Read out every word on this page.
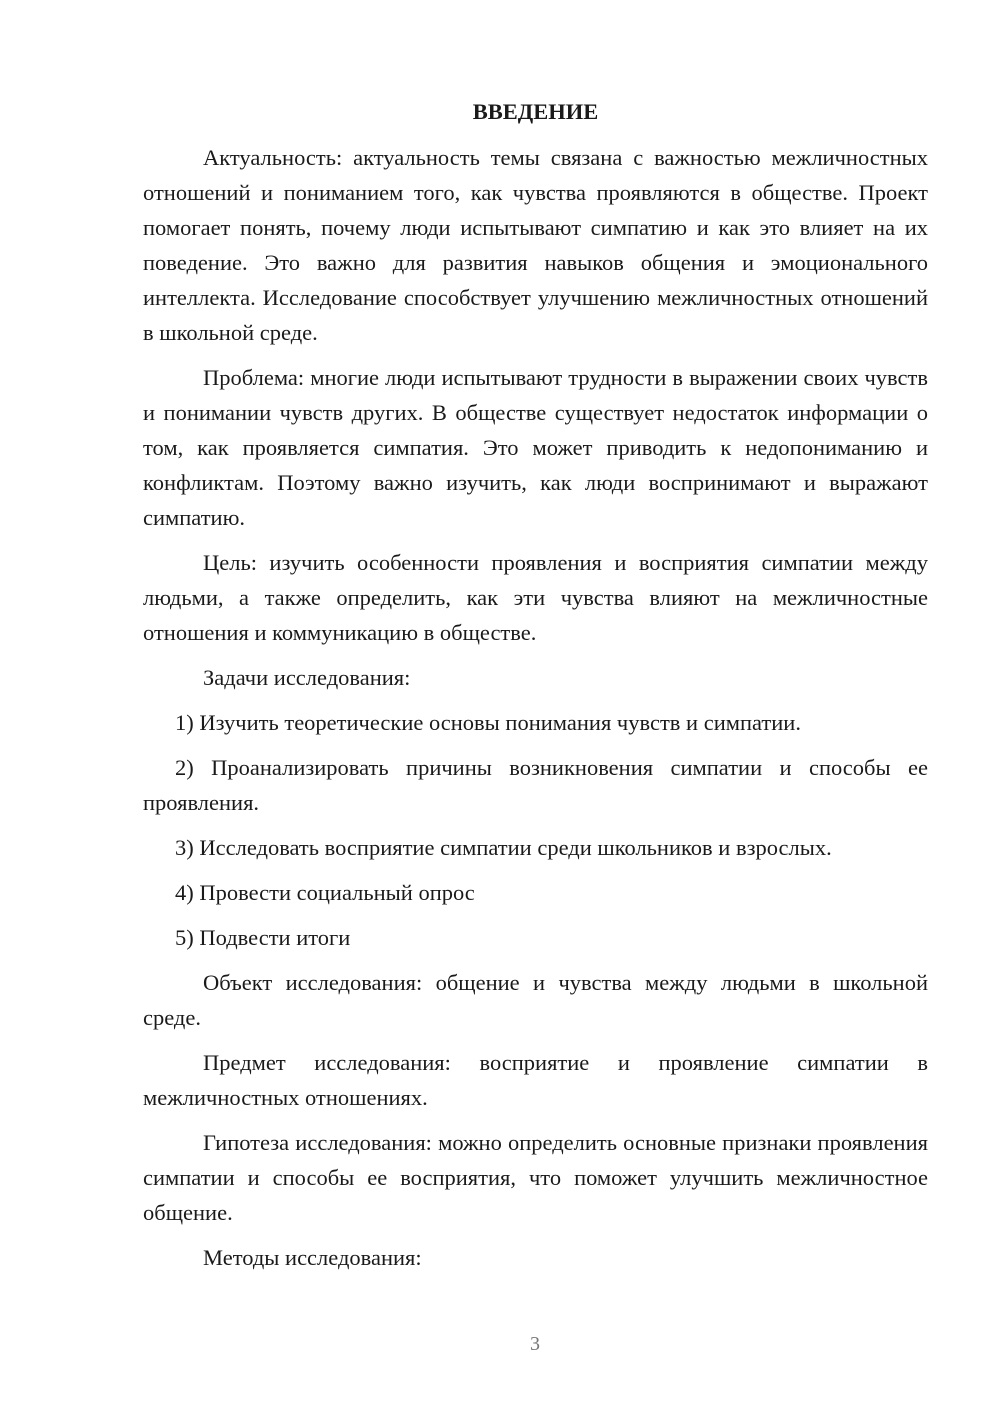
ВВЕДЕНИЕ

Актуальность: актуальность темы связана с важностью межличностных отношений и пониманием того, как чувства проявляются в обществе. Проект помогает понять, почему люди испытывают симпатию и как это влияет на их поведение. Это важно для развития навыков общения и эмоционального интеллекта. Исследование способствует улучшению межличностных отношений в школьной среде.

Проблема: многие люди испытывают трудности в выражении своих чувств и понимании чувств других. В обществе существует недостаток информации о том, как проявляется симпатия. Это может приводить к недопониманию и конфликтам. Поэтому важно изучить, как люди воспринимают и выражают симпатию.

Цель: изучить особенности проявления и восприятия симпатии между людьми, а также определить, как эти чувства влияют на межличностные отношения и коммуникацию в обществе.

Задачи исследования:

1) Изучить теоретические основы понимания чувств и симпатии.

2) Проанализировать причины возникновения симпатии и способы ее проявления.

3) Исследовать восприятие симпатии среди школьников и взрослых.

4) Провести социальный опрос

5) Подвести итоги

Объект исследования: общение и чувства между людьми в школьной среде.

Предмет исследования: восприятие и проявление симпатии в межличностных отношениях.

Гипотеза исследования: можно определить основные признаки проявления симпатии и способы ее восприятия, что поможет улучшить межличностное общение.

Методы исследования:

3
